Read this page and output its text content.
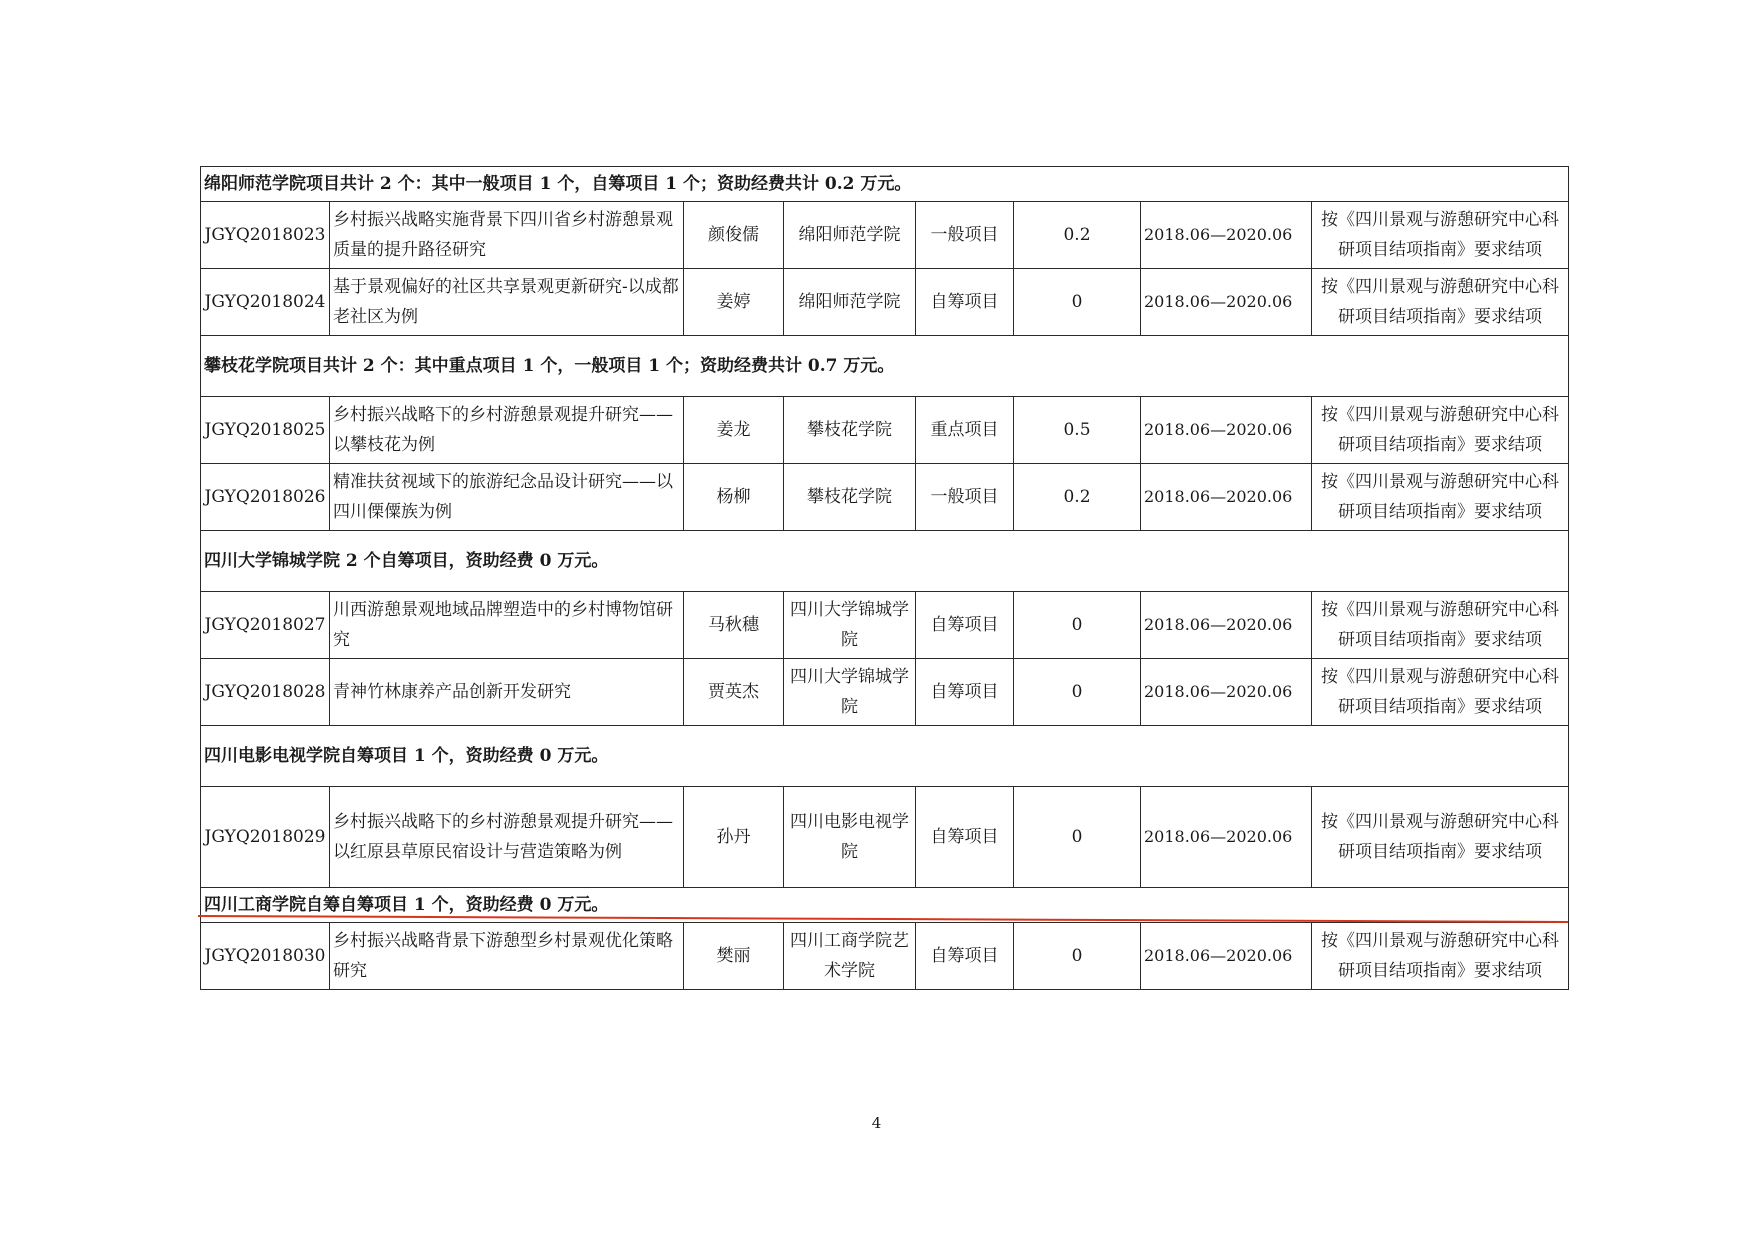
绵阳师范学院项目共计 2 个：其中一般项目 1 个，自筹项目 1 个；资助经费共计 0.2 万元。							
JGYQ2018023	乡村振兴战略实施背景下四川省乡村游憩景观质量的提升路径研究	颜俊儒	绵阳师范学院	一般项目	0.2	2018.06—2020.06	按《四川景观与游憩研究中心科研项目结项指南》要求结项
JGYQ2018024	基于景观偏好的社区共享景观更新研究-以成都老社区为例	姜婷	绵阳师范学院	自筹项目	0	2018.06—2020.06	按《四川景观与游憩研究中心科研项目结项指南》要求结项
攀枝花学院项目共计 2 个：其中重点项目 1 个，一般项目 1 个；资助经费共计 0.7 万元。							
JGYQ2018025	乡村振兴战略下的乡村游憩景观提升研究——以攀枝花为例	姜龙	攀枝花学院	重点项目	0.5	2018.06—2020.06	按《四川景观与游憩研究中心科研项目结项指南》要求结项
JGYQ2018026	精准扶贫视域下的旅游纪念品设计研究——以四川傈僳族为例	杨柳	攀枝花学院	一般项目	0.2	2018.06—2020.06	按《四川景观与游憩研究中心科研项目结项指南》要求结项
四川大学锦城学院 2 个自筹项目，资助经费 0 万元。							
JGYQ2018027	川西游憩景观地域品牌塑造中的乡村博物馆研究	马秋穗	四川大学锦城学院	自筹项目	0	2018.06—2020.06	按《四川景观与游憩研究中心科研项目结项指南》要求结项
JGYQ2018028	青神竹林康养产品创新开发研究	贾英杰	四川大学锦城学院	自筹项目	0	2018.06—2020.06	按《四川景观与游憩研究中心科研项目结项指南》要求结项
四川电影电视学院自筹项目 1 个，资助经费 0 万元。							
JGYQ2018029	乡村振兴战略下的乡村游憩景观提升研究——以红原县草原民宿设计与营造策略为例	孙丹	四川电影电视学院	自筹项目	0	2018.06—2020.06	按《四川景观与游憩研究中心科研项目结项指南》要求结项
四川工商学院自筹自筹项目 1 个，资助经费 0 万元。							
JGYQ2018030	乡村振兴战略背景下游憩型乡村景观优化策略研究	樊丽	四川工商学院艺术学院	自筹项目	0	2018.06—2020.06	按《四川景观与游憩研究中心科研项目结项指南》要求结项
4
